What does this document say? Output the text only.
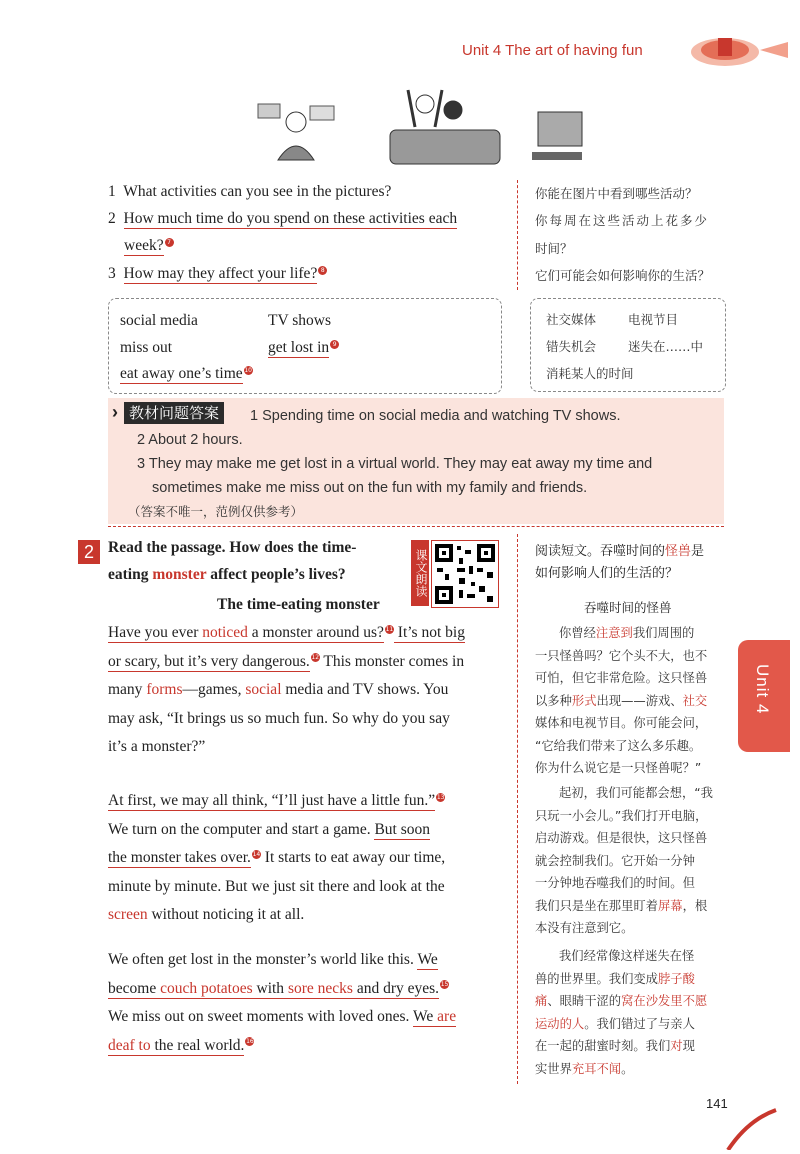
Unit 4 The art of having fun
1 What activities can you see in the pictures?
2 How much time do you spend on these activities each
week? 7
3 How may they affect your life? 8
你能在图片中看到哪些活动？
你每周在这些活动上花多少
时间？
它们可能会如何影响你的生活？
social media	TV shows
miss out	get lost in 9
eat away one’s time 10
社交媒体	电视节目
错失机会	迷失在……中
消耗某人的时间
› 教材问题答案	1 Spending time on social media and watching TV shows.
2 About 2 hours.
3 They may make me get lost in a virtual world. They may eat away my time and
sometimes make me miss out on the fun with my family and friends.
（答案不唯一，范例仅供参考）
2 Read the passage. How does the time-
eating monster affect people’s lives?	课文朗读
The time-eating monster
阅读短文。吞噬时间的怪兽是
如何影响人们的生活的？
吞噬时间的怪兽
Have you ever noticed a monster around us? 11 It’s not big
or scary, but it’s very dangerous. 12 This monster comes in
many forms—games, social media and TV shows. You
may ask, “It brings us so much fun. So why do you say
it’s a monster?”
At first, we may all think, “I’ll just have a little fun.” 13
We turn on the computer and start a game. But soon
the monster takes over. 14 It starts to eat away our time,
minute by minute. But we just sit there and look at the
screen without noticing it at all.
We often get lost in the monster’s world like this. We
become couch potatoes with sore necks and dry eyes. 15
We miss out on sweet moments with loved ones. We are
deaf to the real world. 16
你曾经注意到我们周围的
一只怪兽吗？它个头不大，也不
可怕，但它非常危险。这只怪兽
以多种形式出现——游戏、社交
媒体和电视节目。你可能会问，
“它给我们带来了这么多乐趣。
你为什么说它是一只怪兽呢？”
起初，我们可能都会想，“我
只玩一小会儿。”我们打开电脑，
启动游戏。但是很快，这只怪兽
就会控制我们。它开始一分钟
一分钟地吞噬我们的时间。但
我们只是坐在那里盯着屏幕，根
本没有注意到它。
我们经常像这样迷失在怪
兽的世界里。我们变成脖子酸
痛、眼睛干涩的窝在沙发里不愿
运动的人。我们错过了与亲人
在一起的甜蜜时刻。我们对现
实世界充耳不闻。
Unit 4
141
